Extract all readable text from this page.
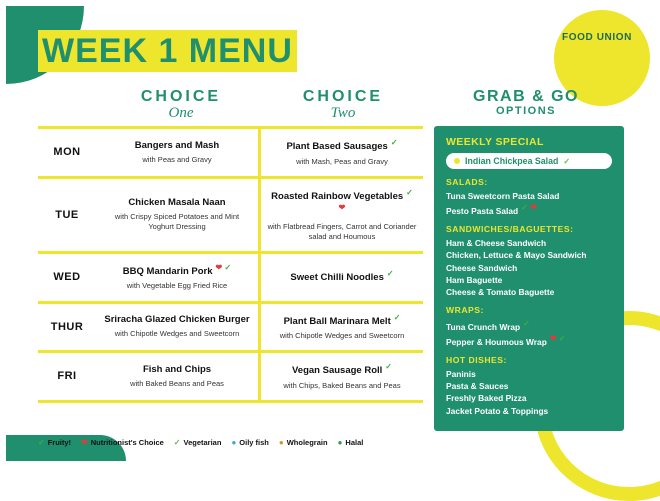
FOOD UNION
WEEK 1 MENU
CHOICE
One
CHOICE
Two
GRAB & GO
OPTIONS
MON
Bangers and Mash
with Peas and Gravy
Plant Based Sausages ✓
with Mash, Peas and Gravy
TUE
Chicken Masala Naan
with Crispy Spiced Potatoes and Mint Yoghurt Dressing
Roasted Rainbow Vegetables ✓ ❤
with Flatbread Fingers, Carrot and Coriander salad and Houmous
WED	BBQ Mandarin Pork ❤ ✓
with Vegetable Egg Fried Rice
Sweet Chilli Noodles ✓
THUR
Sriracha Glazed Chicken Burger
with Chipotle Wedges and Sweetcorn
Plant Ball Marinara Melt ✓
with Chipotle Wedges and Sweetcorn
FRI
Fish and Chips
with Baked Beans and Peas
Vegan Sausage Roll ✓
with Chips, Baked Beans and Peas
WEEKLY SPECIAL
Indian Chickpea Salad ✓
SALADS:
Tuna Sweetcorn Pasta Salad
Pesto Pasta Salad ✓ ❤
SANDWICHES/BAGUETTES:
Ham & Cheese Sandwich
Chicken, Lettuce & Mayo Sandwich
Cheese Sandwich
Ham Baguette
Cheese & Tomato Baguette
WRAPS:
Tuna Crunch Wrap ✓
Pepper & Houmous Wrap ❤ ✓
HOT DISHES:
Paninis
Pasta & Sauces
Freshly Baked Pizza
Jacket Potato & Toppings
✓ Fruity! ❤ Nutritionist's Choice ✓ Vegetarian ● Oily fish ● Wholegrain ● Halal
